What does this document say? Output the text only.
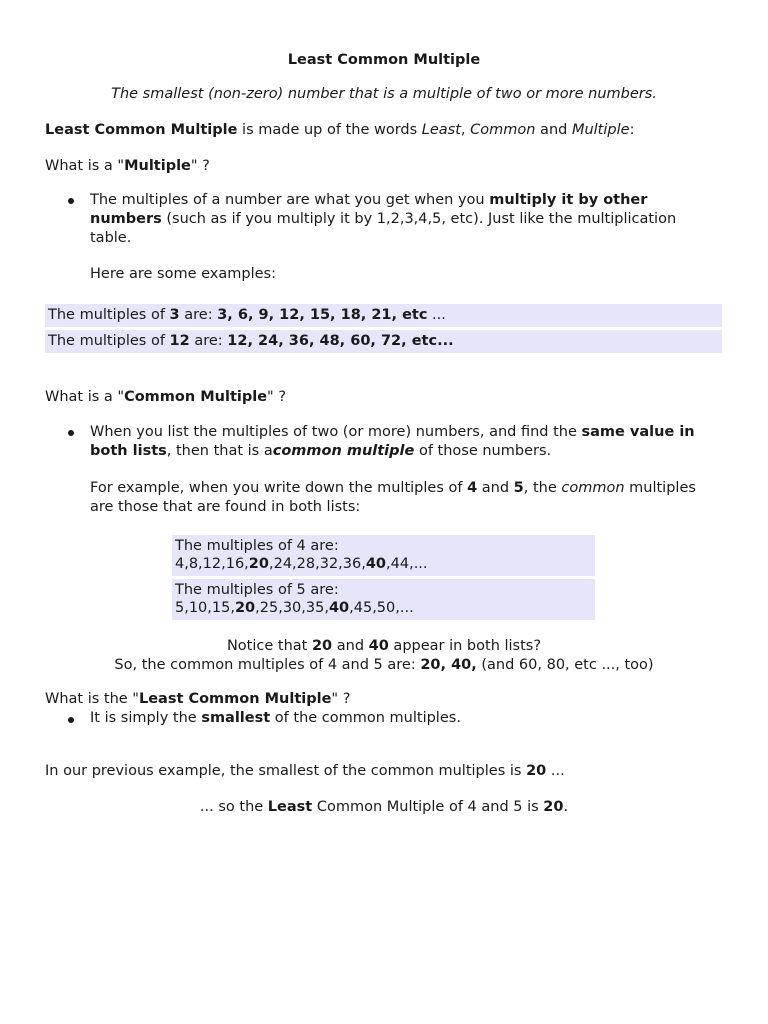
Least Common Multiple
The smallest (non-zero) number that is a multiple of two or more numbers.
Least Common Multiple is made up of the words Least, Common and Multiple:
What is a "Multiple" ?
The multiples of a number are what you get when you multiply it by other
numbers (such as if you multiply it by 1,2,3,4,5, etc). Just like the multiplication
table.
Here are some examples:
The multiples of 3 are: 3, 6, 9, 12, 15, 18, 21, etc ...
The multiples of 12 are: 12, 24, 36, 48, 60, 72, etc...
What is a "Common Multiple" ?
When you list the multiples of two (or more) numbers, and find the same value in
both lists, then that is acommon multiple of those numbers.
For example, when you write down the multiples of 4 and 5, the common multiples
are those that are found in both lists:
The multiples of 4 are:
4,8,12,16,20,24,28,32,36,40,44,...
The multiples of 5 are:
5,10,15,20,25,30,35,40,45,50,...
Notice that 20 and 40 appear in both lists?
So, the common multiples of 4 and 5 are: 20, 40, (and 60, 80, etc ..., too)
What is the "Least Common Multiple" ?
It is simply the smallest of the common multiples.
In our previous example, the smallest of the common multiples is 20 ...
... so the Least Common Multiple of 4 and 5 is 20.
